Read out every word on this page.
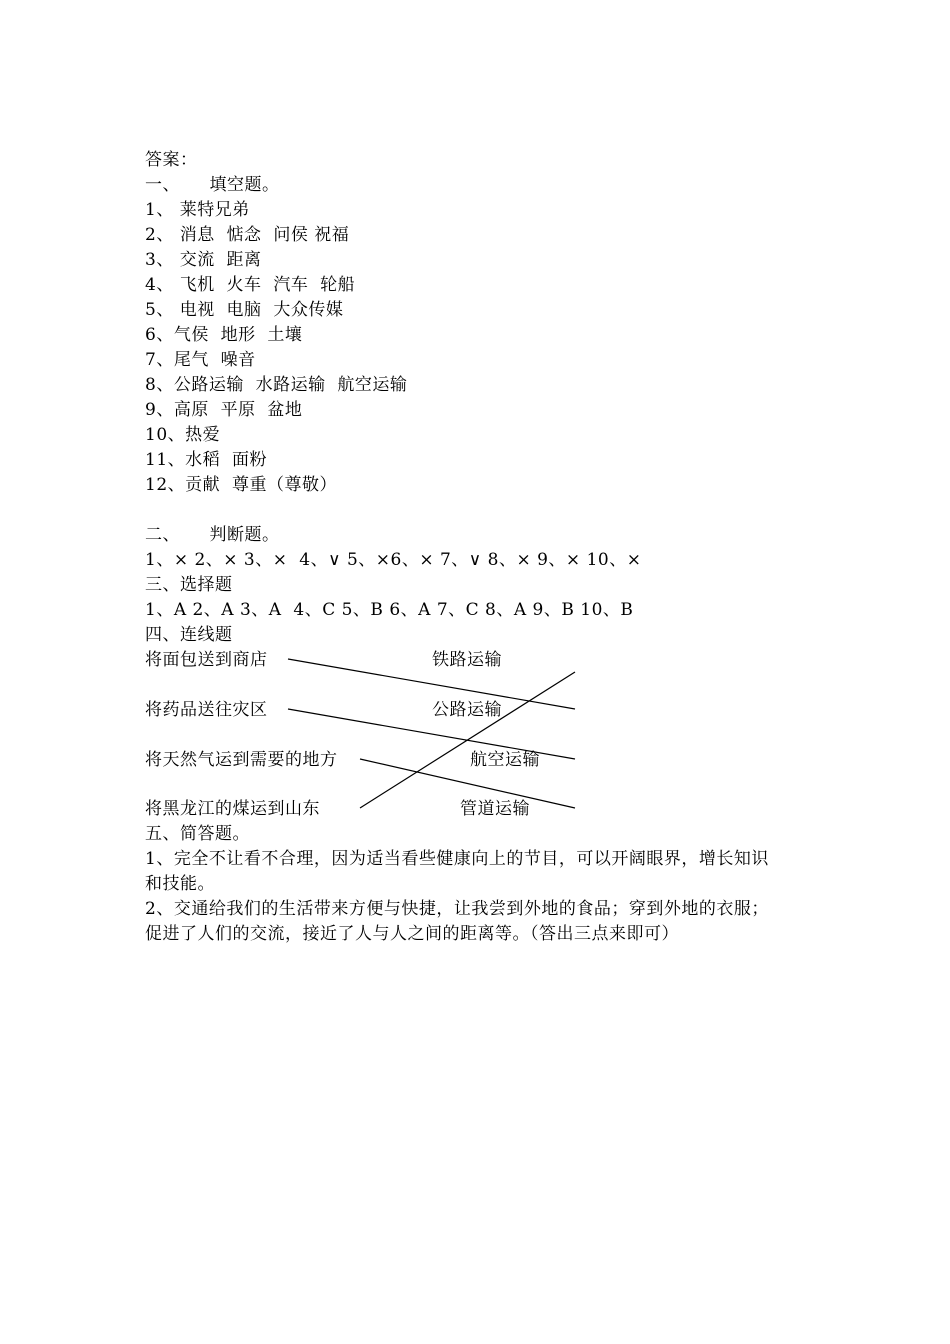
答案：
一、     填空题。
1、 莱特兄弟
2、 消息  惦念  问侯 祝福
3、 交流  距离
4、 飞机  火车  汽车  轮船
5、 电视  电脑  大众传媒
6、气侯  地形  土壤
7、尾气  噪音
8、公路运输  水路运输  航空运输
9、高原  平原  盆地
10、热爱
11、水稻  面粉
12、贡献  尊重（尊敬）
二、     判断题。
1、× 2、× 3、×  4、∨ 5、×6、× 7、∨ 8、× 9、× 10、×
三、选择题
1、A 2、A 3、A  4、C 5、B 6、A 7、C 8、A 9、B 10、B
四、连线题
将面包送到商店
将药品送往灾区
将天然气运到需要的地方
将黑龙江的煤运到山东
铁路运输
公路运输
航空运输
管道运输
五、简答题。
1、完全不让看不合理，因为适当看些健康向上的节目，可以开阔眼界，增长知识
和技能。
2、交通给我们的生活带来方便与快捷，让我尝到外地的食品；穿到外地的衣服；
促进了人们的交流，接近了人与人之间的距离等。（答出三点来即可）
